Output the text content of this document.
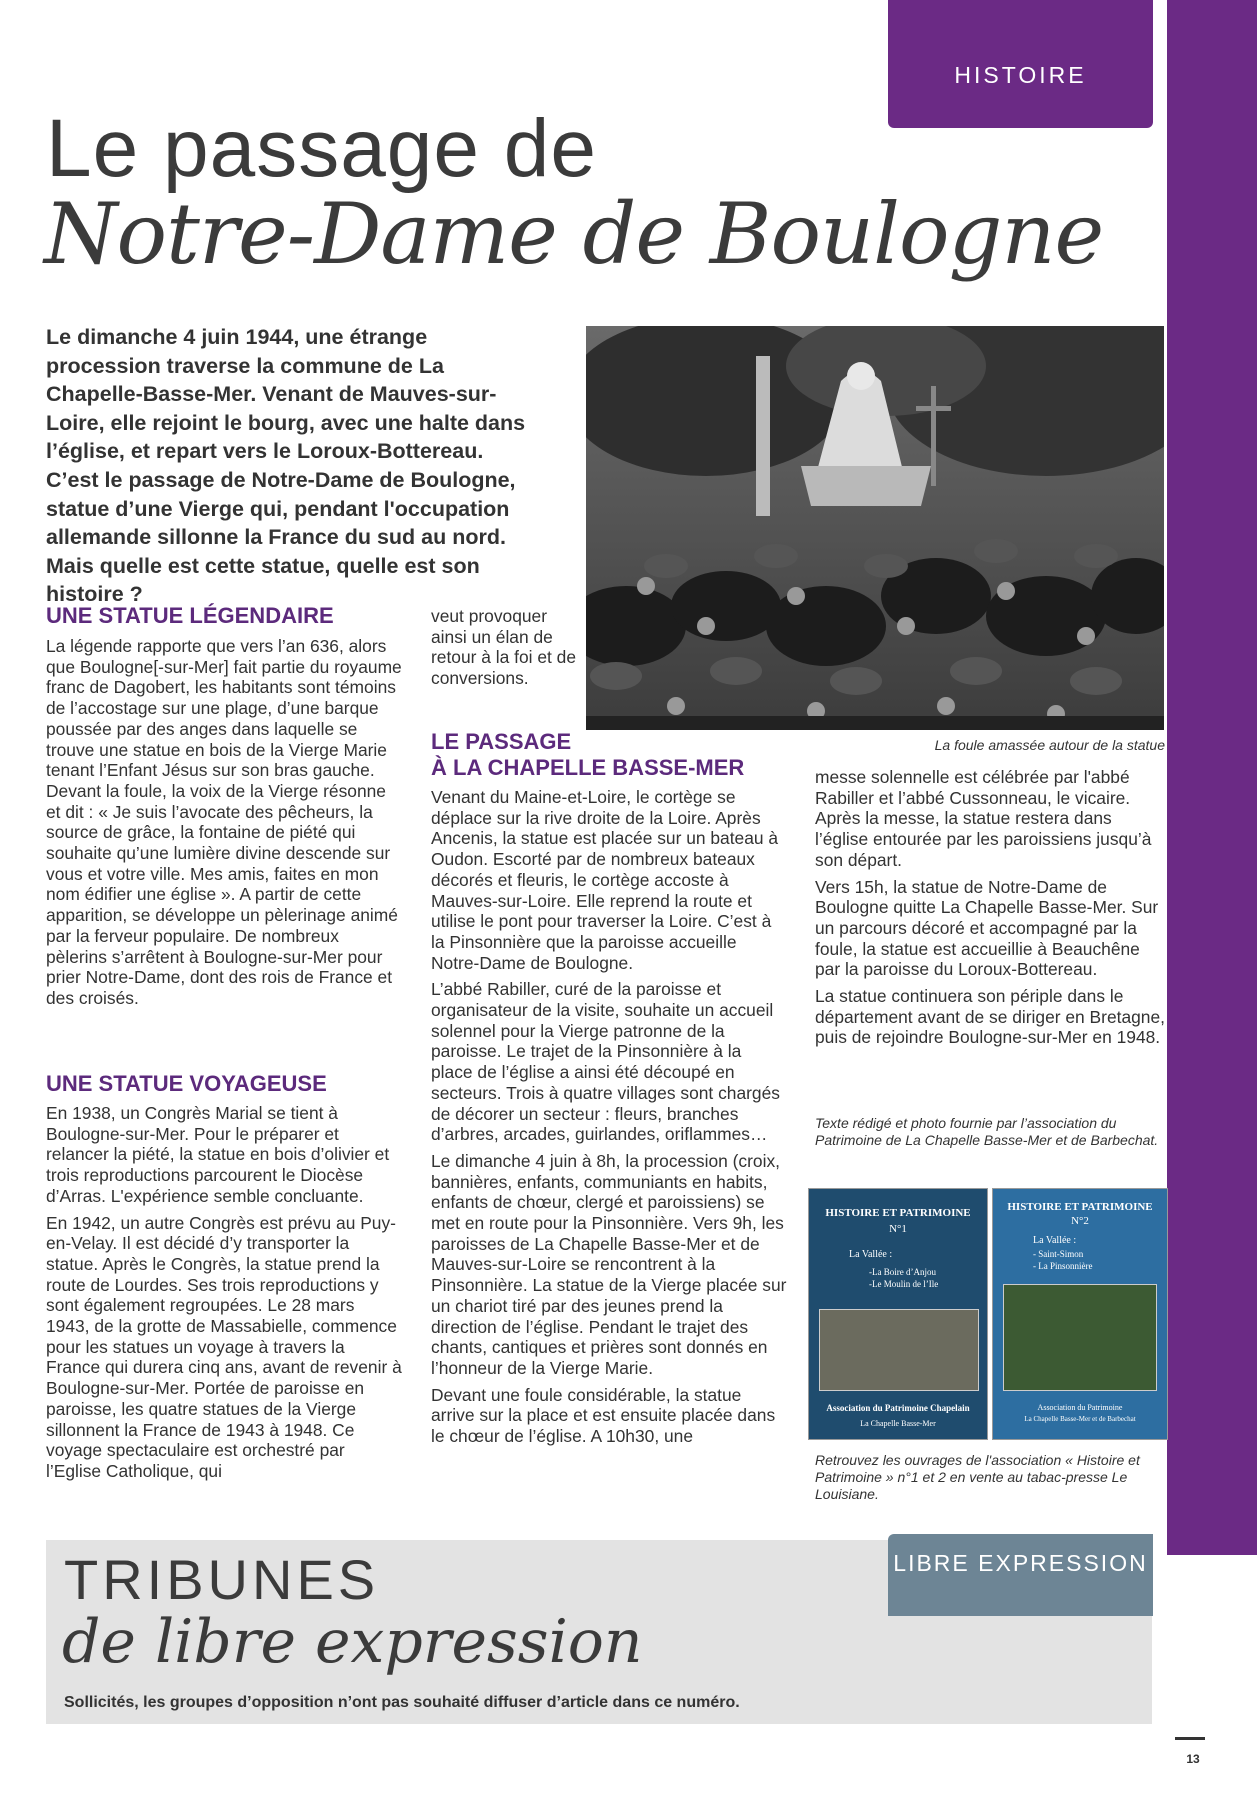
HISTOIRE
Le passage de
Notre-Dame de Boulogne
Le dimanche 4 juin 1944, une étrange procession traverse la commune de La Chapelle-Basse-Mer. Venant de Mauves-sur-Loire, elle rejoint le bourg, avec une halte dans l’église, et repart vers le Loroux-Bottereau. C’est le passage de Notre-Dame de Boulogne, statue d’une Vierge qui, pendant l'occupation allemande sillonne la France du sud au nord. Mais quelle est cette statue, quelle est son histoire ?
La foule amassée autour de la statue
UNE STATUE LÉGENDAIRE

La légende rapporte que vers l’an 636, alors que Boulogne[-sur-Mer] fait partie du royaume franc de Dagobert, les habitants sont témoins de l’accostage sur une plage, d’une barque poussée par des anges dans laquelle se trouve une statue en bois de la Vierge Marie tenant l’Enfant Jésus sur son bras gauche. Devant la foule, la voix de la Vierge résonne et dit : « Je suis l’avocate des pêcheurs, la source de grâce, la fontaine de piété qui souhaite qu’une lumière divine descende sur vous et votre ville. Mes amis, faites en mon nom édifier une église ». A partir de cette apparition, se développe un pèlerinage animé par la ferveur populaire. De nombreux pèlerins s’arrêtent à Boulogne-sur-Mer pour prier Notre-Dame, dont des rois de France et des croisés.

UNE STATUE VOYAGEUSE

En 1938, un Congrès Marial se tient à Boulogne-sur-Mer. Pour le préparer et relancer la piété, la statue en bois d’olivier et trois reproductions parcourent le Diocèse d’Arras. L'expérience semble concluante.

En 1942, un autre Congrès est prévu au Puy-en-Velay. Il est décidé d’y transporter la statue. Après le Congrès, la statue prend la route de Lourdes. Ses trois reproductions y sont également regroupées. Le 28 mars 1943, de la grotte de Massabielle, commence pour les statues un voyage à travers la France qui durera cinq ans, avant de revenir à Boulogne-sur-Mer. Portée de paroisse en paroisse, les quatre statues de la Vierge sillonnent la France de 1943 à 1948. Ce voyage spectaculaire est orchestré par l’Eglise Catholique, qui

veut provoquer ainsi un élan de retour à la foi et de conversions.

LE PASSAGE
À LA CHAPELLE BASSE-MER

Venant du Maine-et-Loire, le cortège se déplace sur la rive droite de la Loire. Après Ancenis, la statue est placée sur un bateau à Oudon. Escorté par de nombreux bateaux décorés et fleuris, le cortège accoste à Mauves-sur-Loire. Elle reprend la route et utilise le pont pour traverser la Loire. C’est à la Pinsonnière que la paroisse accueille Notre-Dame de Boulogne.

L’abbé Rabiller, curé de la paroisse et organisateur de la visite, souhaite un accueil solennel pour la Vierge patronne de la paroisse. Le trajet de la Pinsonnière à la place de l’église a ainsi été découpé en secteurs. Trois à quatre villages sont chargés de décorer un secteur : fleurs, branches d’arbres, arcades, guirlandes, oriflammes…

Le dimanche 4 juin à 8h, la procession (croix, bannières, enfants, communiants en habits, enfants de chœur, clergé et paroissiens) se met en route pour la Pinsonnière. Vers 9h, les paroisses de La Chapelle Basse-Mer et de Mauves-sur-Loire se rencontrent à la Pinsonnière. La statue de la Vierge placée sur un chariot tiré par des jeunes prend la direction de l’église. Pendant le trajet des chants, cantiques et prières sont donnés en l’honneur de la Vierge Marie.

Devant une foule considérable, la statue arrive sur la place et est ensuite placée dans le chœur de l’église. A 10h30, une

messe solennelle est célébrée par l'abbé Rabiller et l’abbé Cussonneau, le vicaire. Après la messe, la statue restera dans l’église entourée par les paroissiens jusqu’à son départ.

Vers 15h, la statue de Notre-Dame de Boulogne quitte La Chapelle Basse-Mer. Sur un parcours décoré et accompagné par la foule, la statue est accueillie à Beauchêne par la paroisse du Loroux-Bottereau.

La statue continuera son périple dans le département avant de se diriger en Bretagne, puis de rejoindre Boulogne-sur-Mer en 1948.

Texte rédigé et photo fournie par l’association du Patrimoine de La Chapelle Basse-Mer et de Barbechat.
HISTOIRE ET PATRIMOINE
N°1
La Vallée :
-La Boire d’Anjou
-Le Moulin de l’Ile
Association du Patrimoine Chapelain
La Chapelle Basse-Mer
HISTOIRE ET PATRIMOINE
N°2
La Vallée :
- Saint-Simon
- La Pinsonnière
Association du Patrimoine
La Chapelle Basse-Mer et de Barbechat
Retrouvez les ouvrages de l'association « Histoire et Patrimoine » n°1 et 2 en vente au tabac-presse Le Louisiane.
LIBRE EXPRESSION
TRIBUNES
de libre expression
Sollicités, les groupes d’opposition n’ont pas souhaité diffuser d’article dans ce numéro.
13
